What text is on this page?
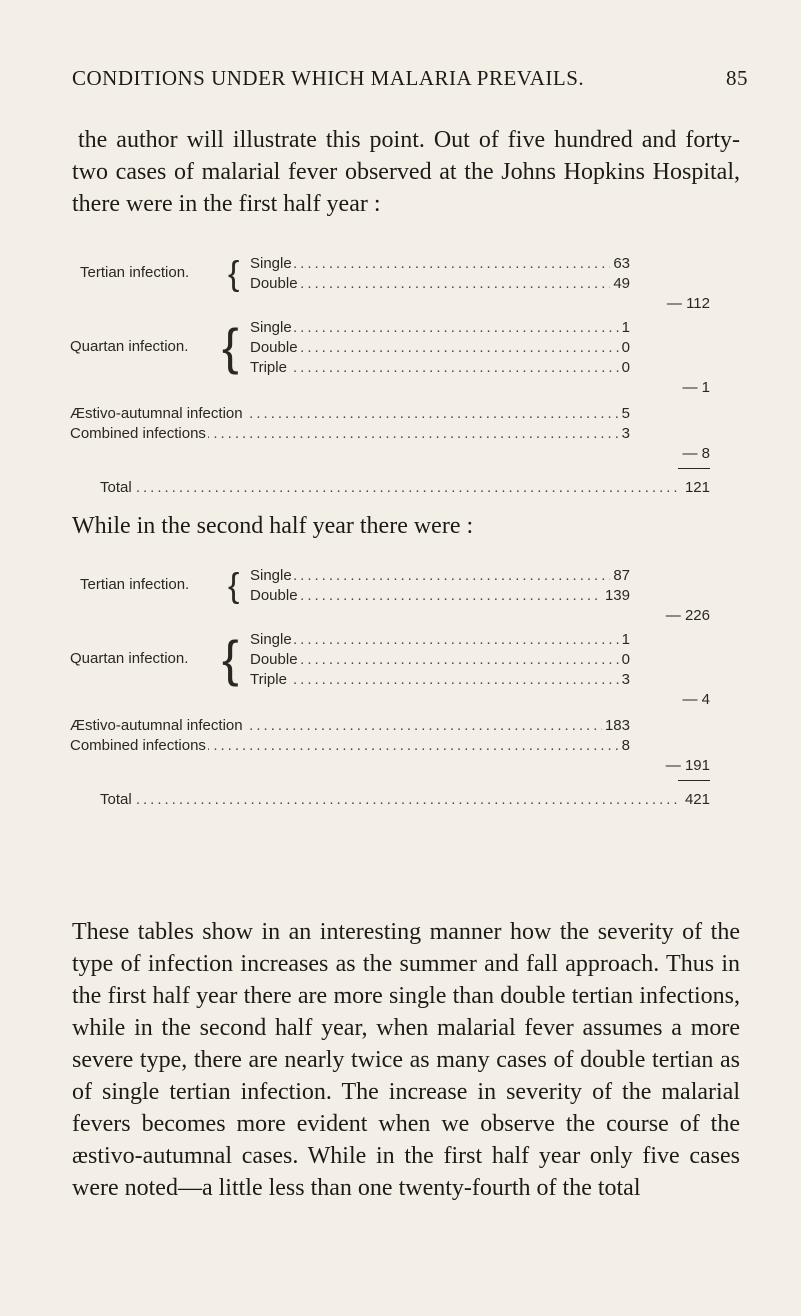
CONDITIONS UNDER WHICH MALARIA PREVAILS.	85

the author will illustrate this point. Out of five hundred and forty-two cases of malarial fever observed at the Johns Hopkins Hospital, there were in the first half year :

Tertian infection. { ..... Single	63
.....
Double	49
— 112
Quartan infection. { ..... Single	1
.....
Double	0
.....
Triple	0
— 1
.....
Æstivo-autumnal infection	5
.....
Combined infections	3
— 8
.....
Total	121

While in the second half year there were :

Tertian infection. { ..... Single	87
.....
Double	139
— 226
Quartan infection. { ..... Single	1
.....
Double	0
.....
Triple	3
— 4
.....
Æstivo-autumnal infection	183
.....
Combined infections	8
— 191
.....
Total	421

These tables show in an interesting manner how the severity of the type of infection increases as the summer and fall approach. Thus in the first half year there are more single than double tertian infections, while in the second half year, when malarial fever assumes a more severe type, there are nearly twice as many cases of double tertian as of single tertian infection. The increase in severity of the malarial fevers becomes more evident when we observe the course of the æstivo-autumnal cases. While in the first half year only five cases were noted—a little less than one twenty-fourth of the total
